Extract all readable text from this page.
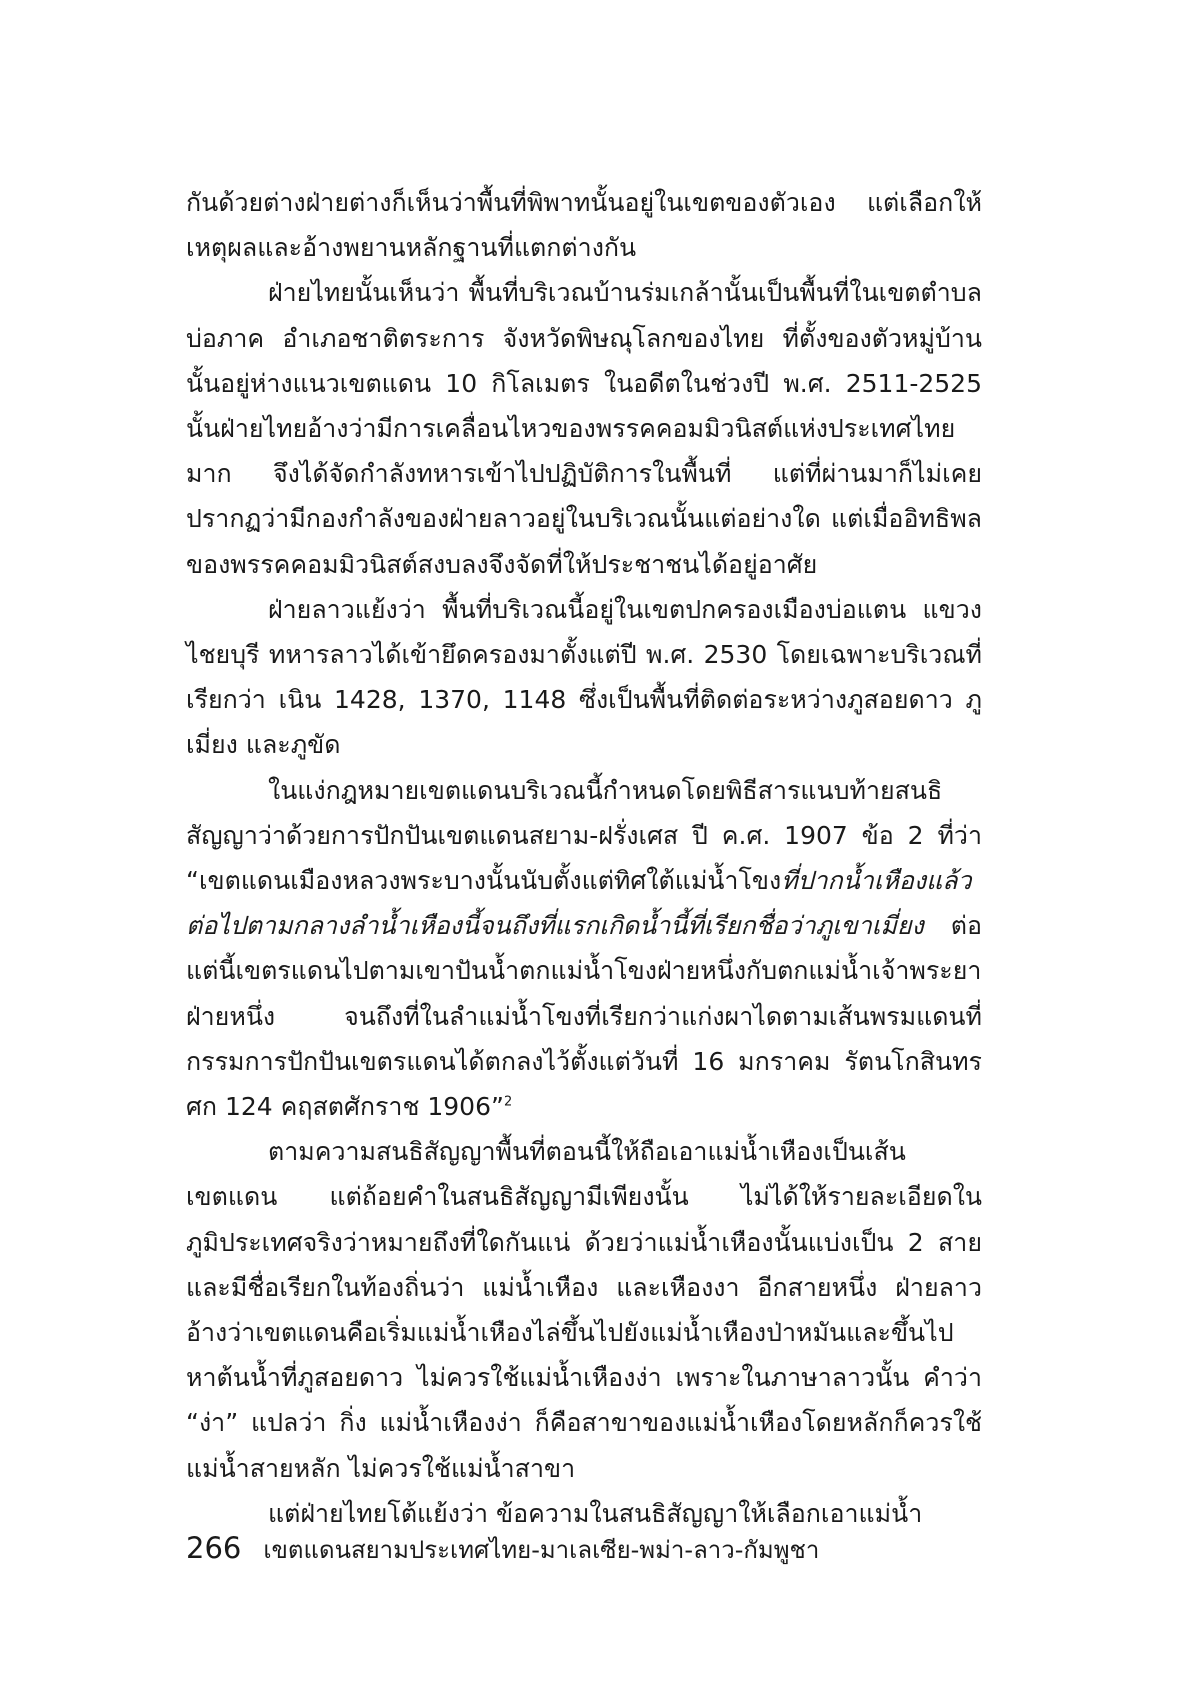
กันด้วยต่างฝ่ายต่างก็เห็นว่าพื้นที่พิพาทนั้นอยู่ในเขตของตัวเอง แต่เลือกให้เหตุผลและอ้างพยานหลักฐานที่แตกต่างกัน

ฝ่ายไทยนั้นเห็นว่า พื้นที่บริเวณบ้านร่มเกล้านั้นเป็นพื้นที่ในเขตตำบลบ่อภาค อำเภอชาติตระการ จังหวัดพิษณุโลกของไทย ที่ตั้งของตัวหมู่บ้านนั้นอยู่ห่างแนวเขตแดน 10 กิโลเมตร ในอดีตในช่วงปี พ.ศ. 2511-2525 นั้นฝ่ายไทยอ้างว่ามีการเคลื่อนไหวของพรรคคอมมิวนิสต์แห่งประเทศไทยมาก จึงได้จัดกำลังทหารเข้าไปปฏิบัติการในพื้นที่ แต่ที่ผ่านมาก็ไม่เคยปรากฏว่ามีกองกำลังของฝ่ายลาวอยู่ในบริเวณนั้นแต่อย่างใด แต่เมื่ออิทธิพลของพรรคคอมมิวนิสต์สงบลงจึงจัดที่ให้ประชาชนได้อยู่อาศัย

ฝ่ายลาวแย้งว่า พื้นที่บริเวณนี้อยู่ในเขตปกครองเมืองบ่อแตน แขวงไชยบุรี ทหารลาวได้เข้ายึดครองมาตั้งแต่ปี พ.ศ. 2530 โดยเฉพาะบริเวณที่เรียกว่า เนิน 1428, 1370, 1148 ซึ่งเป็นพื้นที่ติดต่อระหว่างภูสอยดาว ภูเมี่ยง และภูขัด

ในแง่กฎหมายเขตแดนบริเวณนี้กำหนดโดยพิธีสารแนบท้ายสนธิสัญญาว่าด้วยการปักปันเขตแดนสยาม-ฝรั่งเศส ปี ค.ศ. 1907 ข้อ 2 ที่ว่า “เขตแดนเมืองหลวงพระบางนั้นนับตั้งแต่ทิศใต้แม่น้ำโขงที่ปากน้ำเหืองแล้วต่อไปตามกลางลำน้ำเหืองนี้จนถึงที่แรกเกิดน้ำนี้ที่เรียกชื่อว่าภูเขาเมี่ยง ต่อแต่นี้เขตรแดนไปตามเขาปันน้ำตกแม่น้ำโขงฝ่ายหนึ่งกับตกแม่น้ำเจ้าพระยาฝ่ายหนึ่ง จนถึงที่ในลำแม่น้ำโขงที่เรียกว่าแก่งผาไดตามเส้นพรมแดนที่กรรมการปักปันเขตรแดนได้ตกลงไว้ตั้งแต่วันที่ 16 มกราคม รัตนโกสินทรศก 124 คฤสตศักราช 1906”$^2$

ตามความสนธิสัญญาพื้นที่ตอนนี้ให้ถือเอาแม่น้ำเหืองเป็นเส้นเขตแดน แต่ถ้อยคำในสนธิสัญญามีเพียงนั้น ไม่ได้ให้รายละเอียดในภูมิประเทศจริงว่าหมายถึงที่ใดกันแน่ ด้วยว่าแม่น้ำเหืองนั้นแบ่งเป็น 2 สายและมีชื่อเรียกในท้องถิ่นว่า แม่น้ำเหือง และเหืองงา อีกสายหนึ่ง ฝ่ายลาวอ้างว่าเขตแดนคือเริ่มแม่น้ำเหืองไล่ขึ้นไปยังแม่น้ำเหืองป่าหมันและขึ้นไปหาต้นน้ำที่ภูสอยดาว ไม่ควรใช้แม่น้ำเหืองง่า เพราะในภาษาลาวนั้น คำว่า “ง่า” แปลว่า กิ่ง แม่น้ำเหืองง่า ก็คือสาขาของแม่น้ำเหืองโดยหลักก็ควรใช้แม่น้ำสายหลัก ไม่ควรใช้แม่น้ำสาขา

แต่ฝ่ายไทยโต้แย้งว่า ข้อความในสนธิสัญญาให้เลือกเอาแม่น้ำ

266 เขตแดนสยามประเทศไทย-มาเลเซีย-พม่า-ลาว-กัมพูชา
